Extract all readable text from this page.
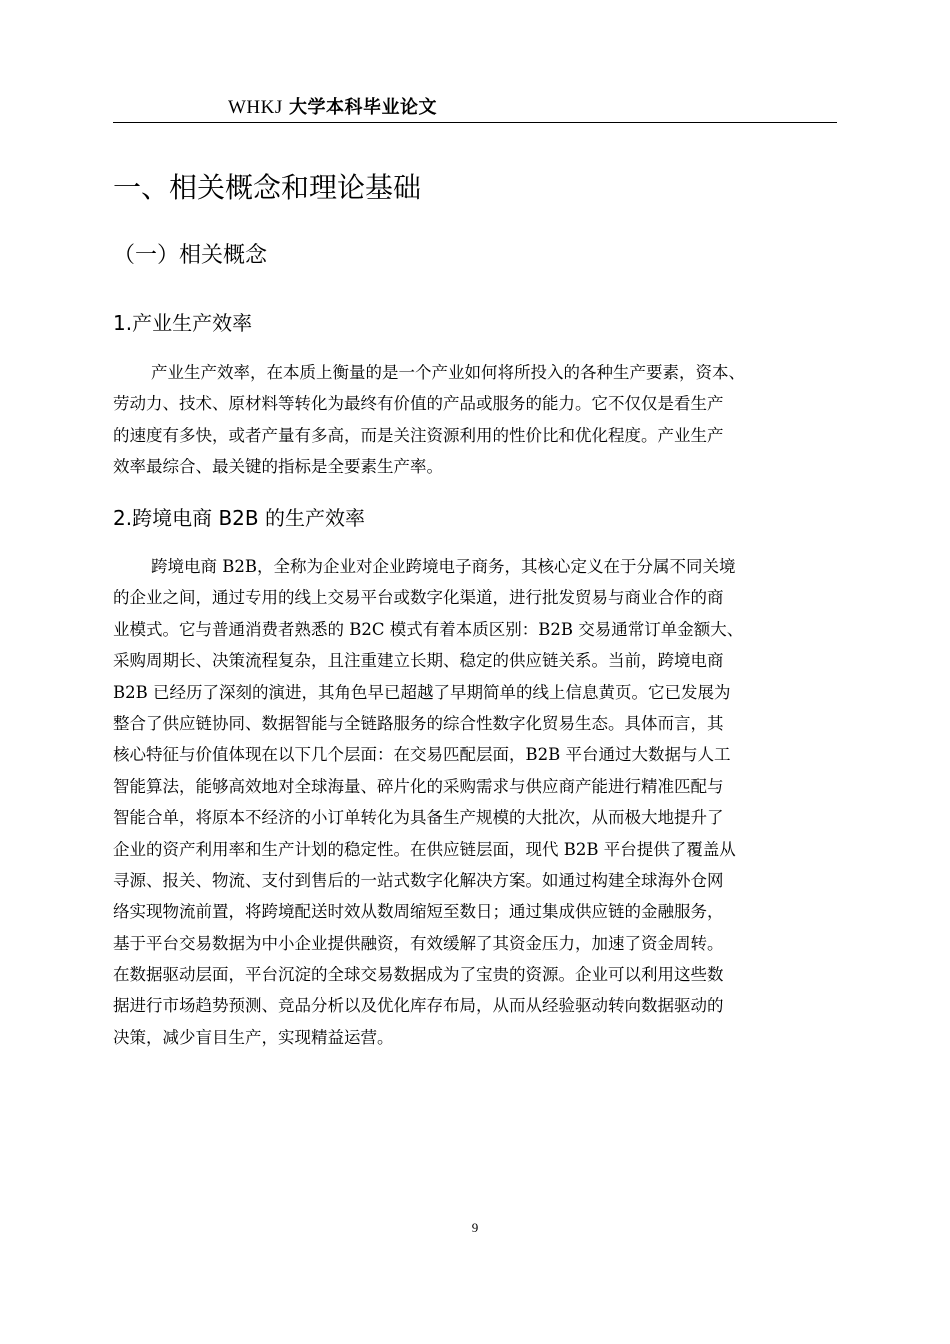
WHKJ 大学本科毕业论文
一、相关概念和理论基础
（一）相关概念
1.产业生产效率
产业生产效率，在本质上衡量的是一个产业如何将所投入的各种生产要素，资本、
劳动力、技术、原材料等转化为最终有价值的产品或服务的能力。它不仅仅是看生产
的速度有多快，或者产量有多高，而是关注资源利用的性价比和优化程度。产业生产
效率最综合、最关键的指标是全要素生产率。
2.跨境电商 B2B 的生产效率
跨境电商 B2B，全称为企业对企业跨境电子商务，其核心定义在于分属不同关境
的企业之间，通过专用的线上交易平台或数字化渠道，进行批发贸易与商业合作的商
业模式。它与普通消费者熟悉的 B2C 模式有着本质区别：B2B 交易通常订单金额大、
采购周期长、决策流程复杂，且注重建立长期、稳定的供应链关系。当前，跨境电商
B2B 已经历了深刻的演进，其角色早已超越了早期简单的线上信息黄页。它已发展为
整合了供应链协同、数据智能与全链路服务的综合性数字化贸易生态。具体而言，其
核心特征与价值体现在以下几个层面：在交易匹配层面，B2B 平台通过大数据与人工
智能算法，能够高效地对全球海量、碎片化的采购需求与供应商产能进行精准匹配与
智能合单，将原本不经济的小订单转化为具备生产规模的大批次，从而极大地提升了
企业的资产利用率和生产计划的稳定性。在供应链层面，现代 B2B 平台提供了覆盖从
寻源、报关、物流、支付到售后的一站式数字化解决方案。如通过构建全球海外仓网
络实现物流前置，将跨境配送时效从数周缩短至数日；通过集成供应链的金融服务，
基于平台交易数据为中小企业提供融资，有效缓解了其资金压力，加速了资金周转。
在数据驱动层面，平台沉淀的全球交易数据成为了宝贵的资源。企业可以利用这些数
据进行市场趋势预测、竞品分析以及优化库存布局，从而从经验驱动转向数据驱动的
决策，减少盲目生产，实现精益运营。
9
